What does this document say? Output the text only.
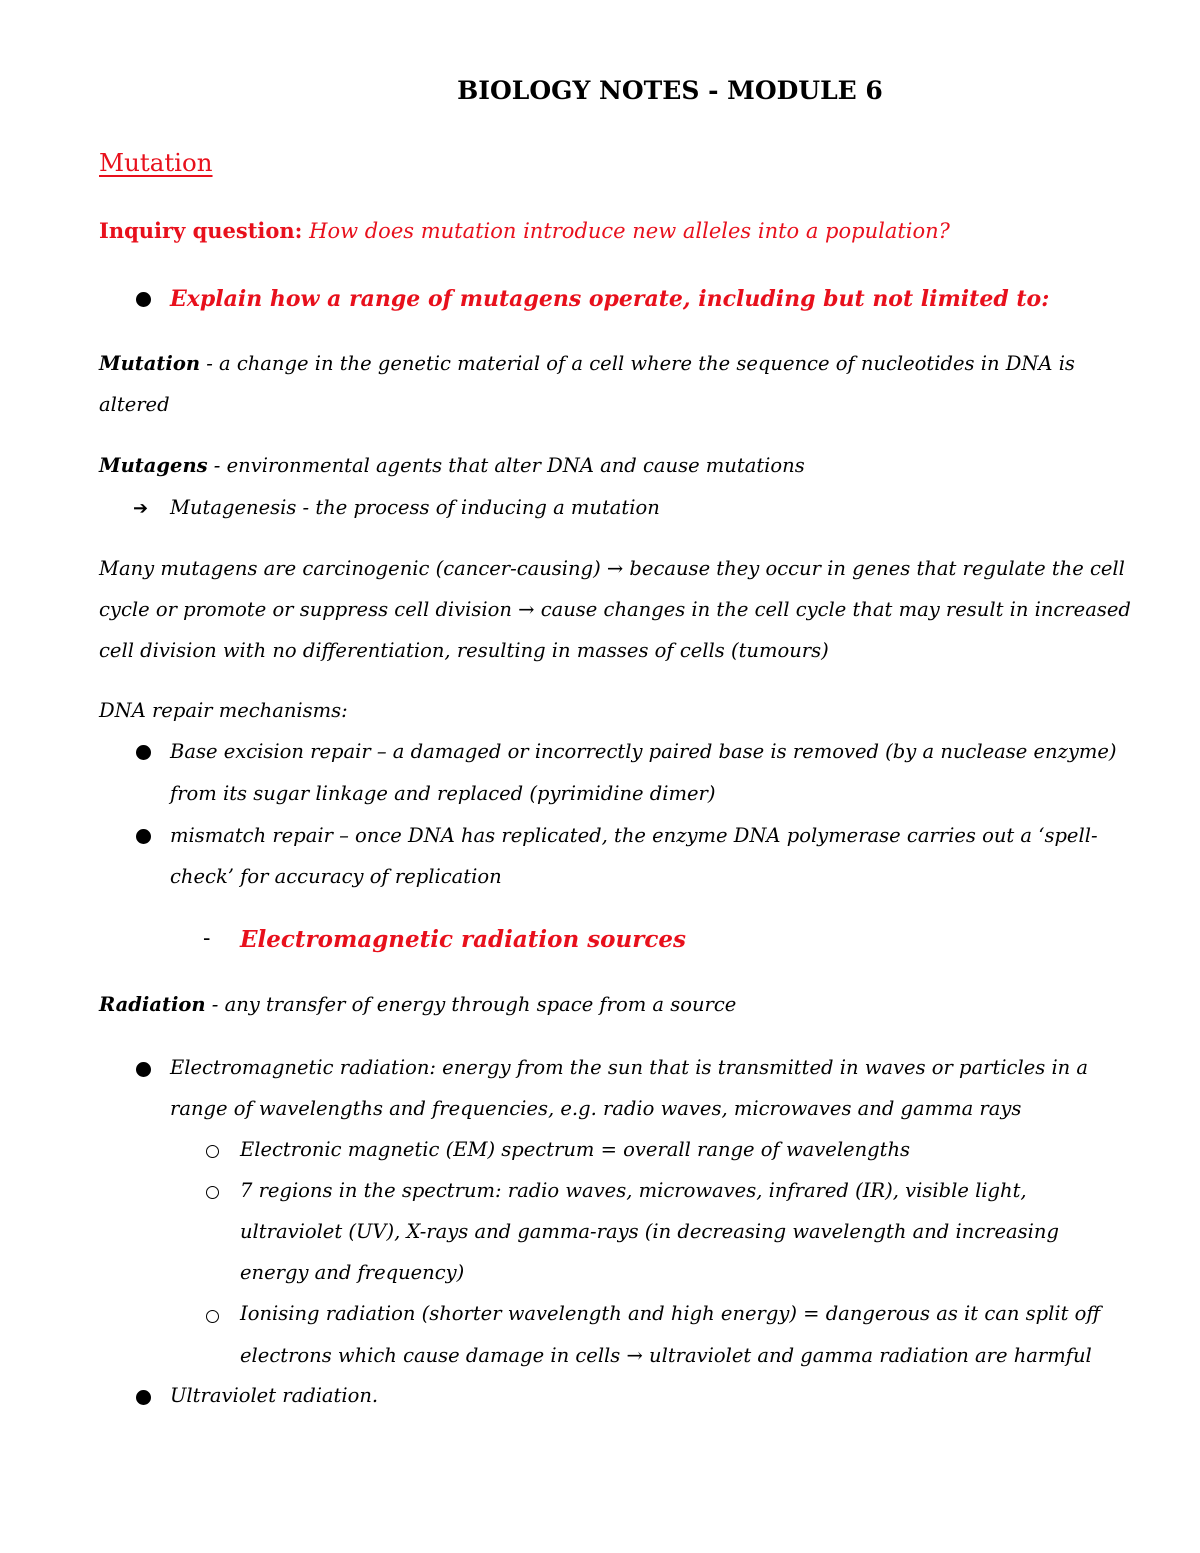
BIOLOGY NOTES - MODULE 6
Mutation
Inquiry question: How does mutation introduce new alleles into a population?
Explain how a range of mutagens operate, including but not limited to:
Mutation - a change in the genetic material of a cell where the sequence of nucleotides in DNA is
altered
Mutagens - environmental agents that alter DNA and cause mutations
➔ Mutagenesis - the process of inducing a mutation
Many mutagens are carcinogenic (cancer-causing) → because they occur in genes that regulate the cell
cycle or promote or suppress cell division → cause changes in the cell cycle that may result in increased
cell division with no differentiation, resulting in masses of cells (tumours)
DNA repair mechanisms:
Base excision repair – a damaged or incorrectly paired base is removed (by a nuclease enzyme)
from its sugar linkage and replaced (pyrimidine dimer)
mismatch repair – once DNA has replicated, the enzyme DNA polymerase carries out a ‘spell-
check’ for accuracy of replication
- Electromagnetic radiation sources
Radiation - any transfer of energy through space from a source
Electromagnetic radiation: energy from the sun that is transmitted in waves or particles in a
range of wavelengths and frequencies, e.g. radio waves, microwaves and gamma rays
Electronic magnetic (EM) spectrum = overall range of wavelengths
7 regions in the spectrum: radio waves, microwaves, infrared (IR), visible light,
ultraviolet (UV), X-rays and gamma-rays (in decreasing wavelength and increasing
energy and frequency)
Ionising radiation (shorter wavelength and high energy) = dangerous as it can split off
electrons which cause damage in cells → ultraviolet and gamma radiation are harmful
Ultraviolet radiation.
